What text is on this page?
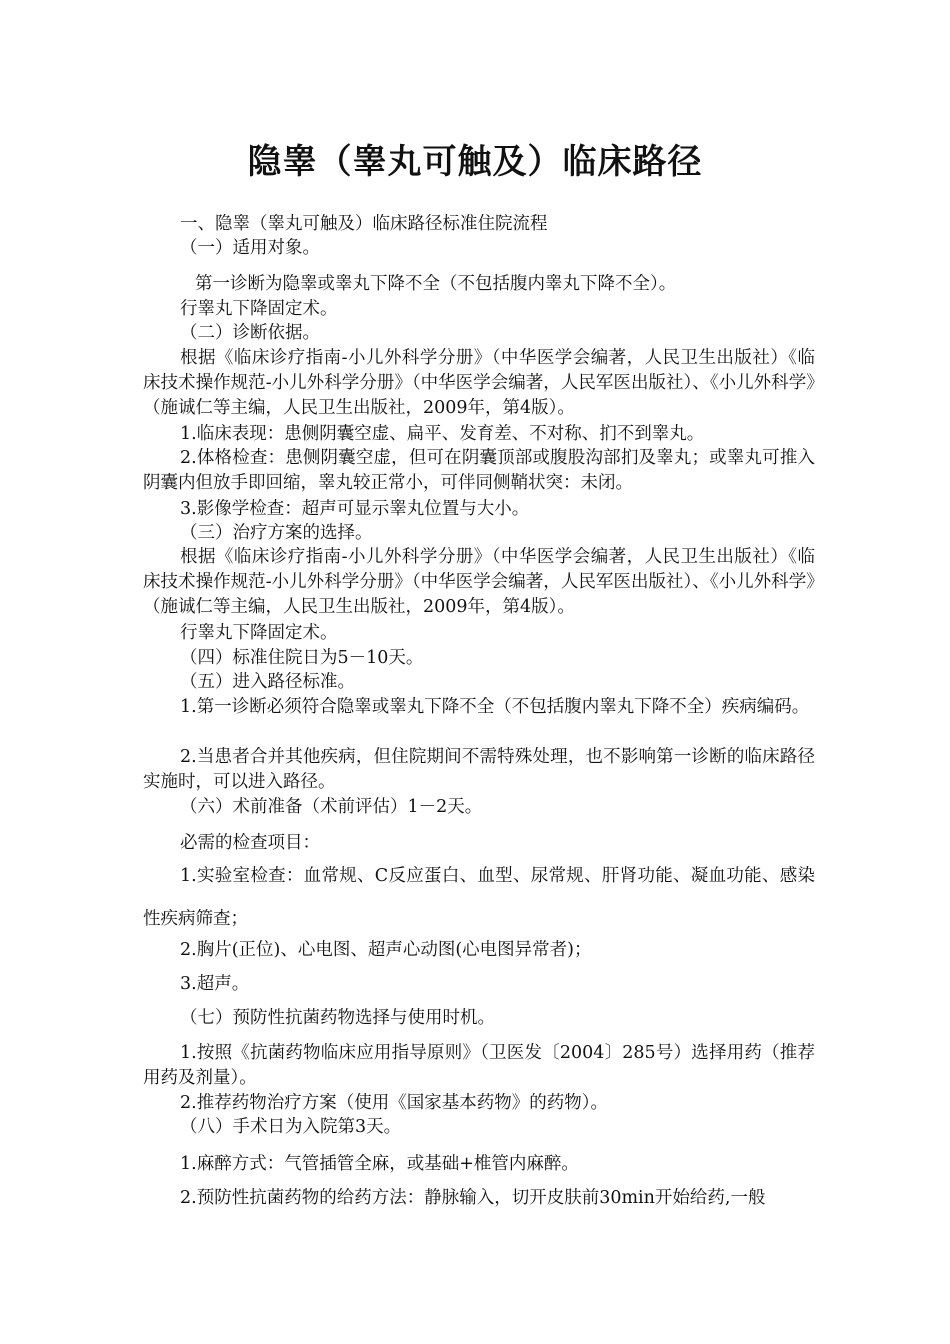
隐睾（睾丸可触及）临床路径

一、隐睾（睾丸可触及）临床路径标准住院流程

（一）适用对象。

第一诊断为隐睾或睾丸下降不全（不包括腹内睾丸下降不全）。

行睾丸下降固定术。

（二）诊断依据。

根据《临床诊疗指南-小儿外科学分册》（中华医学会编著，人民卫生出版社）《临床技术操作规范-小儿外科学分册》（中华医学会编著，人民军医出版社）、《小儿外科学》（施诚仁等主编，人民卫生出版社，2009年，第4版）。

1.临床表现：患侧阴囊空虚、扁平、发育差、不对称、扪不到睾丸。

2.体格检查：患侧阴囊空虚，但可在阴囊顶部或腹股沟部扪及睾丸；或睾丸可推入阴囊内但放手即回缩，睾丸较正常小，可伴同侧鞘状突：未闭。

3.影像学检查：超声可显示睾丸位置与大小。

（三）治疗方案的选择。

根据《临床诊疗指南-小儿外科学分册》（中华医学会编著，人民卫生出版社）《临床技术操作规范-小儿外科学分册》（中华医学会编著，人民军医出版社）、《小儿外科学》（施诚仁等主编，人民卫生出版社，2009年，第4版）。

行睾丸下降固定术。

（四）标准住院日为5－10天。

（五）进入路径标准。

1.第一诊断必须符合隐睾或睾丸下降不全（不包括腹内睾丸下降不全）疾病编码。

2.当患者合并其他疾病，但住院期间不需特殊处理，也不影响第一诊断的临床路径实施时，可以进入路径。

（六）术前准备（术前评估）1－2天。

必需的检查项目：

1.实验室检查：血常规、C反应蛋白、血型、尿常规、肝肾功能、凝血功能、感染性疾病筛查；

2.胸片(正位)、心电图、超声心动图(心电图异常者)；

3.超声。

（七）预防性抗菌药物选择与使用时机。

1.按照《抗菌药物临床应用指导原则》（卫医发〔2004〕285号）选择用药（推荐用药及剂量）。

2.推荐药物治疗方案（使用《国家基本药物》的药物）。

（八）手术日为入院第3天。

1.麻醉方式：气管插管全麻，或基础+椎管内麻醉。

2.预防性抗菌药物的给药方法：静脉输入，切开皮肤前30min开始给药,一般
